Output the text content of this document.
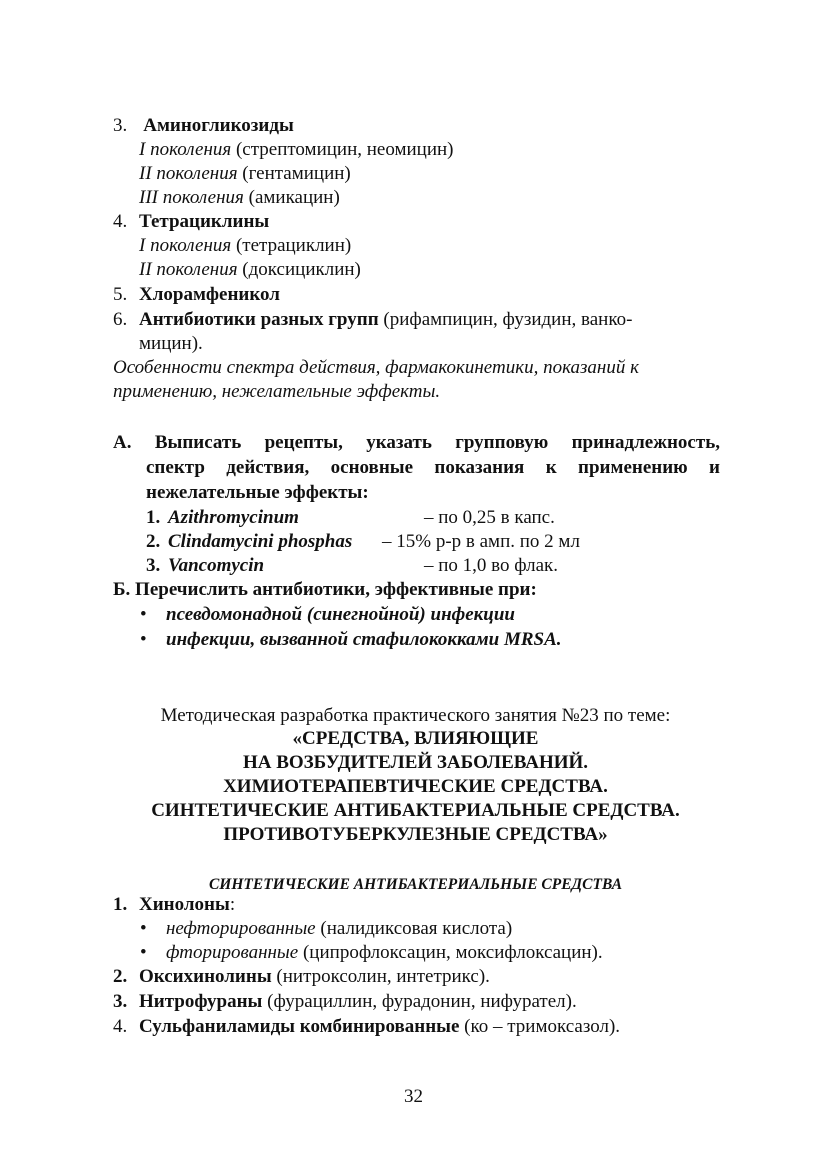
3. Аминогликозиды
I поколения (стрептомицин, неомицин)
II поколения (гентамицин)
III поколения (амикацин)
4. Тетрациклины
I поколения (тетрациклин)
II поколения (доксициклин)
5. Хлорамфеникол
6. Антибиотики разных групп (рифампицин, фузидин, ванко-
мицин).
Особенности спектра действия, фармакокинетики, показаний к
применению, нежелательные эффекты.
А. Выписать рецепты, указать групповую принадлежность,
спектр действия, основные показания к применению и
нежелательные эффекты:
1. Azithromycinum	– по 0,25 в капс.
2. Clindamycini phosphas – 15% р-р в амп. по 2 мл
3. Vancomycin	– по 1,0 во флак.
Б. Перечислить антибиотики, эффективные при:
• псевдомонадной (синегнойной) инфекции
• инфекции, вызванной стафилококками MRSA.
Методическая разработка практического занятия №23 по теме:
«СРЕДСТВА, ВЛИЯЮЩИЕ
НА ВОЗБУДИТЕЛЕЙ ЗАБОЛЕВАНИЙ.
ХИМИОТЕРАПЕВТИЧЕСКИЕ СРЕДСТВА.
СИНТЕТИЧЕСКИЕ АНТИБАКТЕРИАЛЬНЫЕ СРЕДСТВА.
ПРОТИВОТУБЕРКУЛЕЗНЫЕ СРЕДСТВА»
СИНТЕТИЧЕСКИЕ АНТИБАКТЕРИАЛЬНЫЕ СРЕДСТВА
1. Хинолоны:
• нефторированные (налидиксовая кислота)
• фторированные (ципрофлоксацин, моксифлоксацин).
2. Оксихинолины (нитроксолин, интетрикс).
3. Нитрофураны (фурациллин, фурадонин, нифурател).
4. Сульфаниламиды комбинированные (ко – тримоксазол).
32
